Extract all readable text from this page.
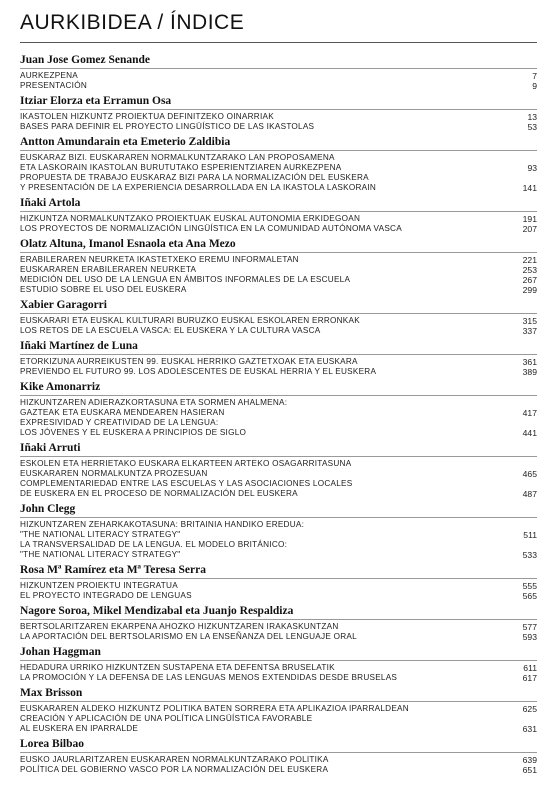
AURKIBIDEA / ÍNDICE
Juan Jose Gomez Senande
AURKEZPENA	7
PRESENTACIÓN	9
Itziar Elorza eta Erramun Osa
IKASTOLEN HIZKUNTZ PROIEKTUA DEFINITZEKO OINARRIAK	13
BASES PARA DEFINIR EL PROYECTO LINGÜÍSTICO DE LAS IKASTOLAS	53
Antton Amundarain eta Emeterio Zaldibia
EUSKARAZ BIZI. EUSKARAREN NORMALKUNTZARAKO LAN PROPOSAMENA
ETA LASKORAIN IKASTOLAN BURUTUTAKO ESPERIENTZIAREN AURKEZPENA	93
PROPUESTA DE TRABAJO EUSKARAZ BIZI PARA LA NORMALIZACIÓN DEL EUSKERA
Y PRESENTACIÓN DE LA EXPERIENCIA DESARROLLADA EN LA IKASTOLA LASKORAIN	141
Iñaki Artola
HIZKUNTZA NORMALKUNTZAKO PROIEKTUAK EUSKAL AUTONOMIA ERKIDEGOAN	191
LOS PROYECTOS DE NORMALIZACIÓN LINGÜÍSTICA EN LA COMUNIDAD AUTÓNOMA VASCA	207
Olatz Altuna, Imanol Esnaola eta Ana Mezo
ERABILERAREN NEURKETA IKASTETXEKO EREMU INFORMALETAN	221
EUSKARAREN ERABILERAREN NEURKETA	253
MEDICIÓN DEL USO DE LA LENGUA EN ÁMBITOS INFORMALES DE LA ESCUELA	267
ESTUDIO SOBRE EL USO DEL EUSKERA	299
Xabier Garagorri
EUSKARARI ETA EUSKAL KULTURARI BURUZKO EUSKAL ESKOLAREN ERRONKAK	315
LOS RETOS DE LA ESCUELA VASCA: EL EUSKERA Y LA CULTURA VASCA	337
Iñaki Martínez de Luna
ETORKIZUNA AURREIKUSTEN 99. EUSKAL HERRIKO GAZTETXOAK ETA EUSKARA	361
PREVIENDO EL FUTURO 99. LOS ADOLESCENTES DE EUSKAL HERRIA Y EL EUSKERA	389
Kike Amonarriz
HIZKUNTZAREN ADIERAZKORTASUNA ETA SORMEN AHALMENA:
GAZTEAK ETA EUSKARA MENDEAREN HASIERAN	417
EXPRESIVIDAD Y CREATIVIDAD DE LA LENGUA:
LOS JÓVENES Y EL EUSKERA A PRINCIPIOS DE SIGLO	441
Iñaki Arruti
ESKOLEN ETA HERRIETAKO EUSKARA ELKARTEEN ARTEKO OSAGARRITASUNA
EUSKARAREN NORMALKUNTZA PROZESUAN	465
COMPLEMENTARIEDAD ENTRE LAS ESCUELAS Y LAS ASOCIACIONES LOCALES
DE EUSKERA EN EL PROCESO DE NORMALIZACIÓN DEL EUSKERA	487
John Clegg
HIZKUNTZAREN ZEHARKAKOTASUNA: BRITAINIA HANDIKO EREDUA:
"THE NATIONAL LITERACY STRATEGY"	511
LA TRANSVERSALIDAD DE LA LENGUA. EL MODELO BRITÁNICO:
"THE NATIONAL LITERACY STRATEGY"	533
Rosa Mª Ramírez eta Mª Teresa Serra
HIZKUNTZEN PROIEKTU INTEGRATUA	555
EL PROYECTO INTEGRADO DE LENGUAS	565
Nagore Soroa, Mikel Mendizabal eta Juanjo Respaldiza
BERTSOLARITZAREN EKARPENA AHOZKO HIZKUNTZAREN IRAKASKUNTZAN	577
LA APORTACIÓN DEL BERTSOLARISMO EN LA ENSEÑANZA DEL LENGUAJE ORAL	593
Johan Haggman
HEDADURA URRIKO HIZKUNTZEN SUSTAPENA ETA DEFENTSA BRUSELATIK	611
LA PROMOCIÓN Y LA DEFENSA DE LAS LENGUAS MENOS EXTENDIDAS DESDE BRUSELAS	617
Max Brisson
EUSKARAREN ALDEKO HIZKUNTZ POLITIKA BATEN SORRERA ETA APLIKAZIOA IPARRALDEAN	625
CREACIÓN Y APLICACIÓN DE UNA POLÍTICA LINGÜÍSTICA FAVORABLE
AL EUSKERA EN IPARRALDE	631
Lorea Bilbao
EUSKO JAURLARITZAREN EUSKARAREN NORMALKUNTZARAKO POLITIKA	639
POLÍTICA DEL GOBIERNO VASCO POR LA NORMALIZACIÓN DEL EUSKERA	651
